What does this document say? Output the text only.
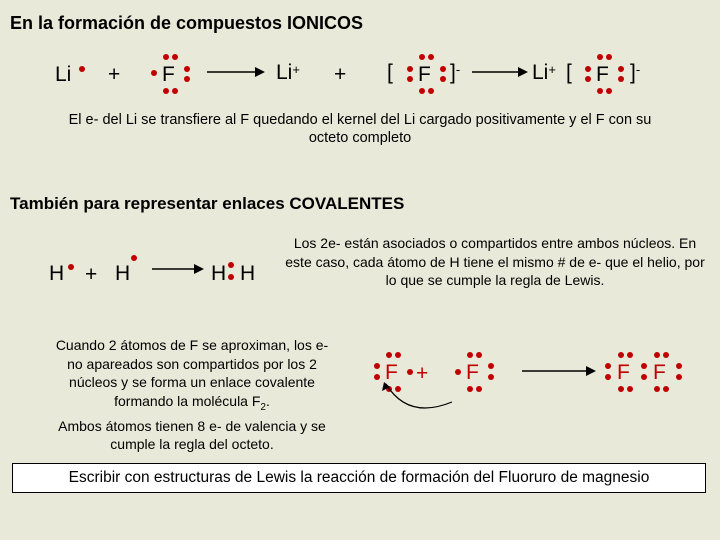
En la formación de compuestos IONICOS
Li + F → Li+ + [ F ]- → Li+ [ F ]-
El e- del Li se transfiere al F quedando el kernel del Li cargado positivamente y el F con su octeto completo
También para representar enlaces COVALENTES
H + H → H H
Los 2e- están asociados o compartidos entre ambos núcleos. En este caso, cada átomo de H tiene el mismo # de e- que el helio, por lo que se cumple la regla de Lewis.
Cuando 2 átomos de F se aproximan, los e-
no apareados son compartidos por los 2
núcleos y se forma un enlace covalente
formando la molécula $F_2$.
Ambos átomos tienen 8 e- de valencia y se
cumple la regla del octeto.
F + F	F F
Escribir con estructuras de Lewis la reacción de formación del Fluoruro de magnesio
